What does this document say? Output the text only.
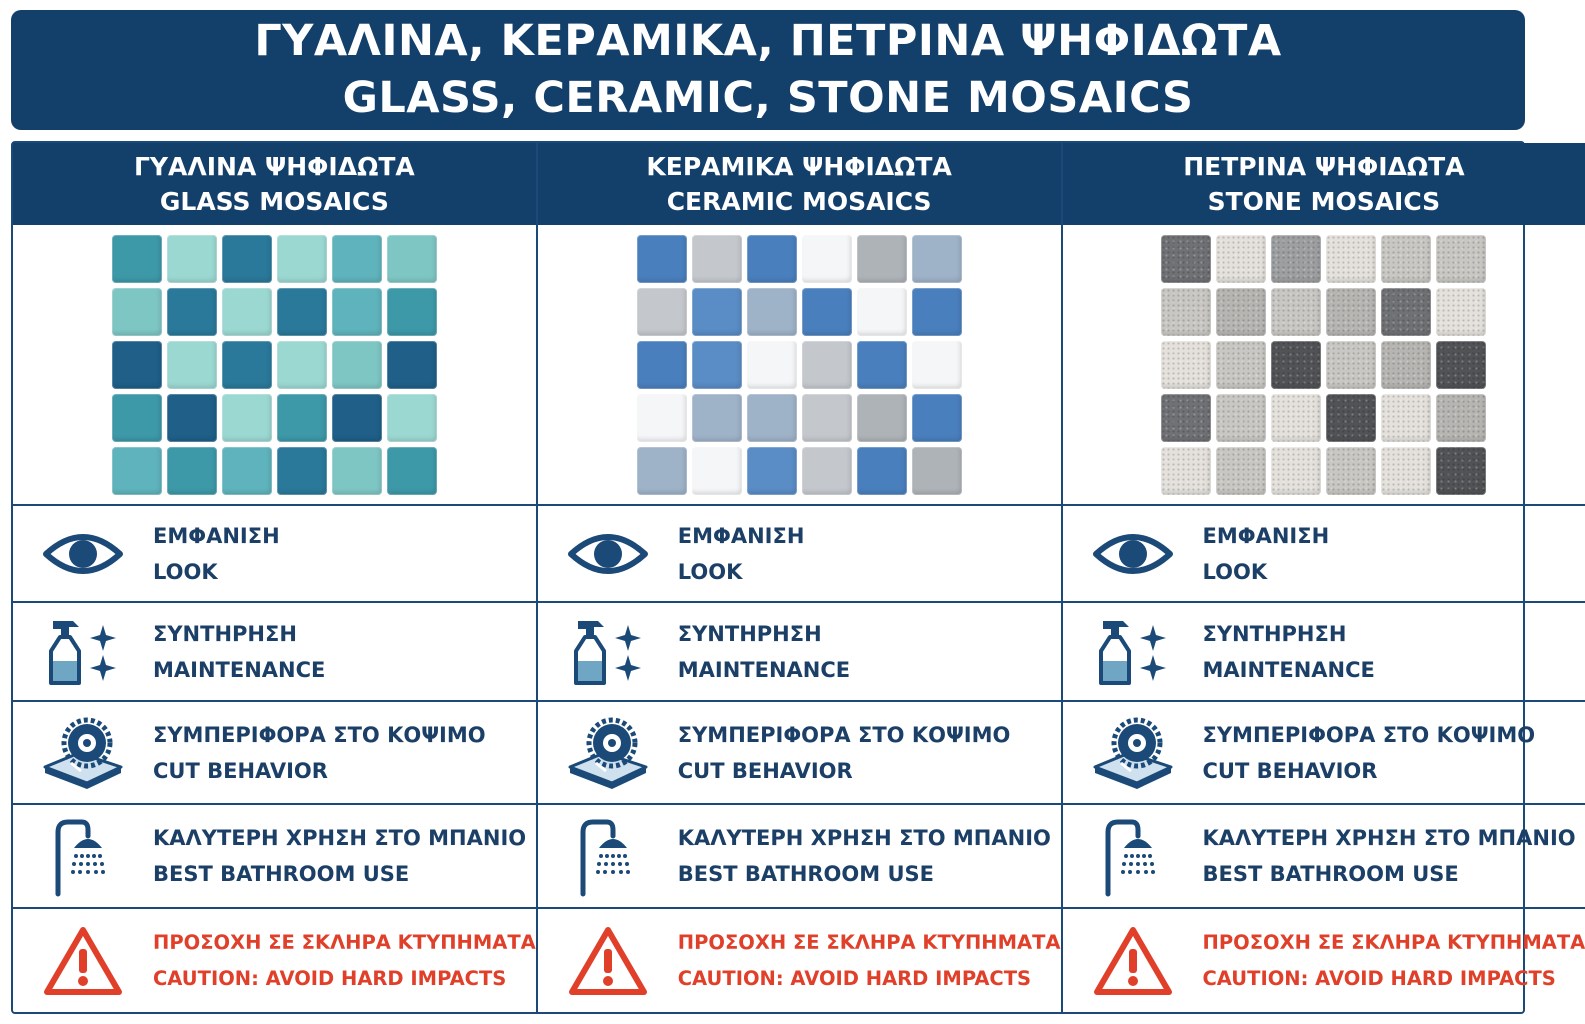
ΓΥΑΛΙΝΑ, ΚΕΡΑΜΙΚΑ, ΠΕΤΡΙΝΑ ΨΗΦΙΔΩΤΑ
GLASS, CERAMIC, STONE MOSAICS
ΓΥΑΛΙΝΑ ΨΗΦΙΔΩΤΑ
GLASS MOSAICS
ΕΜΦΑΝΙΣΗ
LOOK
ΣΥΝΤΗΡΗΣΗ
MAINTENANCE
ΣΥΜΠΕΡΙΦΟΡΑ ΣΤΟ ΚΟΨΙΜΟ
CUT BEHAVIOR
ΚΑΛΥΤΕΡΗ ΧΡΗΣΗ ΣΤΟ ΜΠΑΝΙΟ
BEST BATHROOM USE
ΠΡΟΣΟΧΗ ΣΕ ΣΚΛΗΡΑ ΚΤΥΠΗΜΑΤΑ
CAUTION: AVOID HARD IMPACTS
ΚΕΡΑΜΙΚΑ ΨΗΦΙΔΩΤΑ
CERAMIC MOSAICS
ΕΜΦΑΝΙΣΗ
LOOK
ΣΥΝΤΗΡΗΣΗ
MAINTENANCE
ΣΥΜΠΕΡΙΦΟΡΑ ΣΤΟ ΚΟΨΙΜΟ
CUT BEHAVIOR
ΚΑΛΥΤΕΡΗ ΧΡΗΣΗ ΣΤΟ ΜΠΑΝΙΟ
BEST BATHROOM USE
ΠΡΟΣΟΧΗ ΣΕ ΣΚΛΗΡΑ ΚΤΥΠΗΜΑΤΑ
CAUTION: AVOID HARD IMPACTS
ΠΕΤΡΙΝΑ ΨΗΦΙΔΩΤΑ
STONE MOSAICS
ΕΜΦΑΝΙΣΗ
LOOK
ΣΥΝΤΗΡΗΣΗ
MAINTENANCE
ΣΥΜΠΕΡΙΦΟΡΑ ΣΤΟ ΚΟΨΙΜΟ
CUT BEHAVIOR
ΚΑΛΥΤΕΡΗ ΧΡΗΣΗ ΣΤΟ ΜΠΑΝΙΟ
BEST BATHROOM USE
ΠΡΟΣΟΧΗ ΣΕ ΣΚΛΗΡΑ ΚΤΥΠΗΜΑΤΑ
CAUTION: AVOID HARD IMPACTS
